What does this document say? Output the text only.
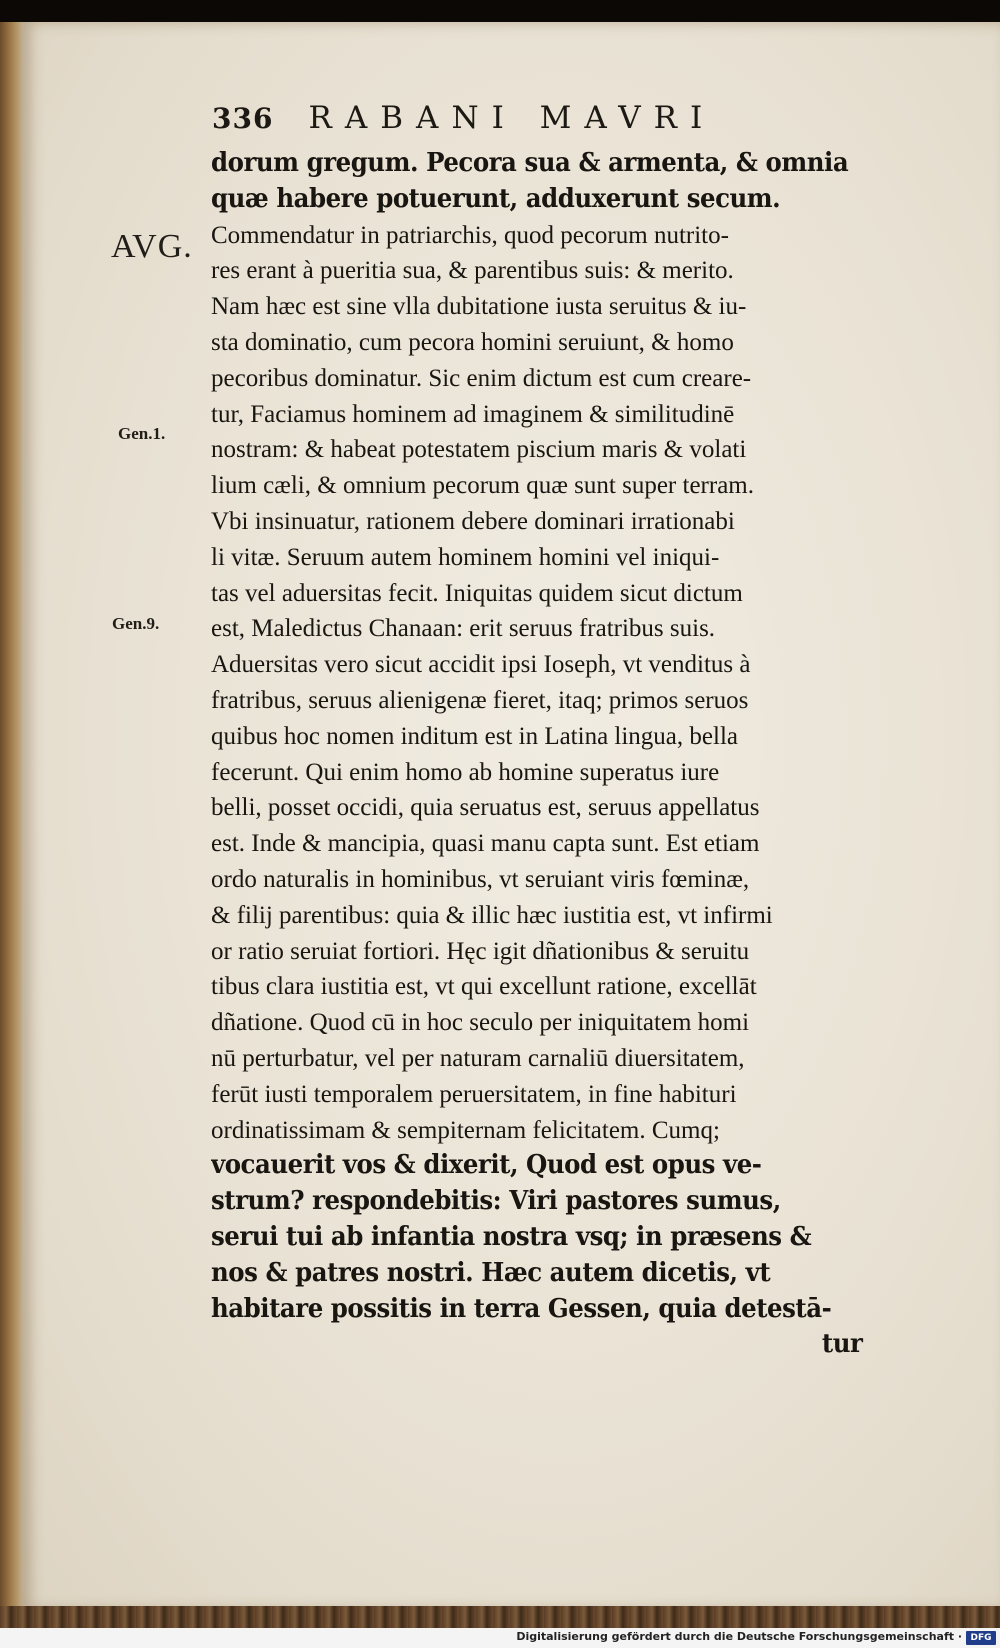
336 RABANI MAVRI
AVG.
Gen.1.
Gen.9.
dorum gregum. Pecora sua & armenta, & omnia
quæ habere potuerunt, adduxerunt secum.
Commendatur in patriarchis, quod pecorum nutrito-
res erant à pueritia sua, & parentibus suis: & merito.
Nam hæc est sine vlla dubitatione iusta seruitus & iu-
sta dominatio, cum pecora homini seruiunt, & homo
pecoribus dominatur. Sic enim dictum est cum creare-
tur, Faciamus hominem ad imaginem & similitudinē
nostram: & habeat potestatem piscium maris & volati
lium cæli, & omnium pecorum quæ sunt super terram.
Vbi insinuatur, rationem debere dominari irrationabi
li vitæ. Seruum autem hominem homini vel iniqui-
tas vel aduersitas fecit. Iniquitas quidem sicut dictum
est, Maledictus Chanaan: erit seruus fratribus suis.
Aduersitas vero sicut accidit ipsi Ioseph, vt venditus à
fratribus, seruus alienigenæ fieret, itaq; primos seruos
quibus hoc nomen inditum est in Latina lingua, bella
fecerunt. Qui enim homo ab homine superatus iure
belli, posset occidi, quia seruatus est, seruus appellatus
est. Inde & mancipia, quasi manu capta sunt. Est etiam
ordo naturalis in hominibus, vt seruiant viris fœminæ,
& filij parentibus: quia & illic hæc iustitia est, vt infirmi
or ratio seruiat fortiori. Hęc igit dñationibus & seruitu
tibus clara iustitia est, vt qui excellunt ratione, excellāt
dñatione. Quod cū in hoc seculo per iniquitatem homi
nū perturbatur, vel per naturam carnaliū diuersitatem,
ferūt iusti temporalem peruersitatem, in fine habituri
ordinatissimam & sempiternam felicitatem. Cumq;
vocauerit vos & dixerit, Quod est opus ve-
strum? respondebitis: Viri pastores sumus,
serui tui ab infantia nostra vsq; in præsens &
nos & patres nostri. Hæc autem dicetis, vt
habitare possitis in terra Gessen, quia detestā-
tur
Digitalisierung gefördert durch die Deutsche Forschungsgemeinschaft · DFG
